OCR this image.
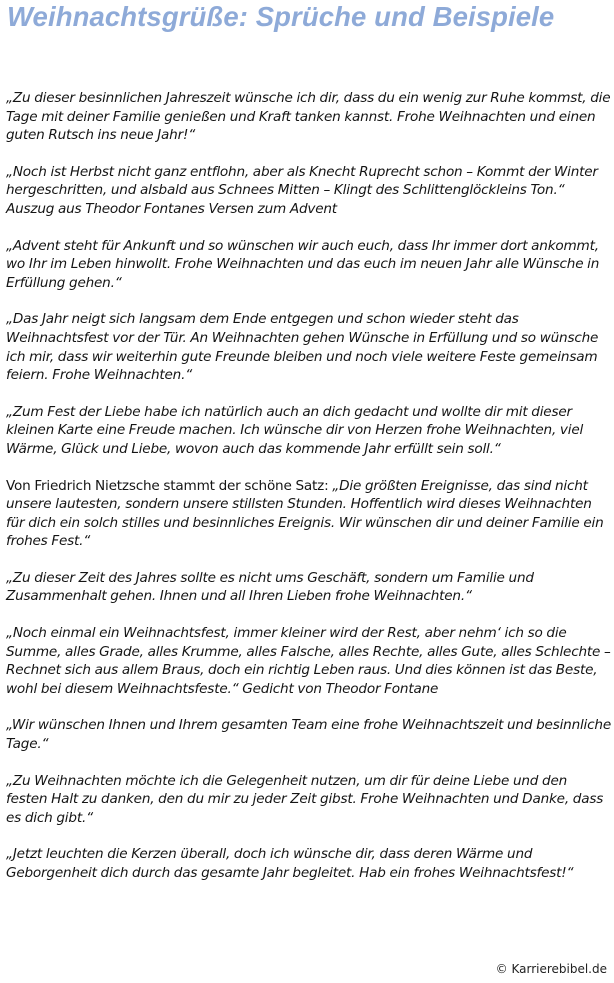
Weihnachtsgrüße: Sprüche und Beispiele

„Zu dieser besinnlichen Jahreszeit wünsche ich dir, dass du ein wenig zur Ruhe kommst, die Tage mit deiner Familie genießen und Kraft tanken kannst. Frohe Weihnachten und einen guten Rutsch ins neue Jahr!“

„Noch ist Herbst nicht ganz entflohn, aber als Knecht Ruprecht schon – Kommt der Winter hergeschritten, und alsbald aus Schnees Mitten – Klingt des Schlittenglöckleins Ton.“ Auszug aus Theodor Fontanes Versen zum Advent

„Advent steht für Ankunft und so wünschen wir auch euch, dass Ihr immer dort ankommt, wo Ihr im Leben hinwollt. Frohe Weihnachten und das euch im neuen Jahr alle Wünsche in Erfüllung gehen.“

„Das Jahr neigt sich langsam dem Ende entgegen und schon wieder steht das Weihnachtsfest vor der Tür. An Weihnachten gehen Wünsche in Erfüllung und so wünsche ich mir, dass wir weiterhin gute Freunde bleiben und noch viele weitere Feste gemeinsam feiern. Frohe Weihnachten.“

„Zum Fest der Liebe habe ich natürlich auch an dich gedacht und wollte dir mit dieser kleinen Karte eine Freude machen. Ich wünsche dir von Herzen frohe Weihnachten, viel Wärme, Glück und Liebe, wovon auch das kommende Jahr erfüllt sein soll.“

Von Friedrich Nietzsche stammt der schöne Satz: „Die größten Ereignisse, das sind nicht unsere lautesten, sondern unsere stillsten Stunden. Hoffentlich wird dieses Weihnachten für dich ein solch stilles und besinnliches Ereignis. Wir wünschen dir und deiner Familie ein frohes Fest.“

„Zu dieser Zeit des Jahres sollte es nicht ums Geschäft, sondern um Familie und Zusammenhalt gehen. Ihnen und all Ihren Lieben frohe Weihnachten.“

„Noch einmal ein Weihnachtsfest, immer kleiner wird der Rest, aber nehm‘ ich so die Summe, alles Grade, alles Krumme, alles Falsche, alles Rechte, alles Gute, alles Schlechte – Rechnet sich aus allem Braus, doch ein richtig Leben raus. Und dies können ist das Beste, wohl bei diesem Weihnachtsfeste.“ Gedicht von Theodor Fontane

„Wir wünschen Ihnen und Ihrem gesamten Team eine frohe Weihnachtszeit und besinnliche Tage.“

„Zu Weihnachten möchte ich die Gelegenheit nutzen, um dir für deine Liebe und den festen Halt zu danken, den du mir zu jeder Zeit gibst. Frohe Weihnachten und Danke, dass es dich gibt.“

„Jetzt leuchten die Kerzen überall, doch ich wünsche dir, dass deren Wärme und Geborgenheit dich durch das gesamte Jahr begleitet. Hab ein frohes Weihnachtsfest!“

© Karrierebibel.de
